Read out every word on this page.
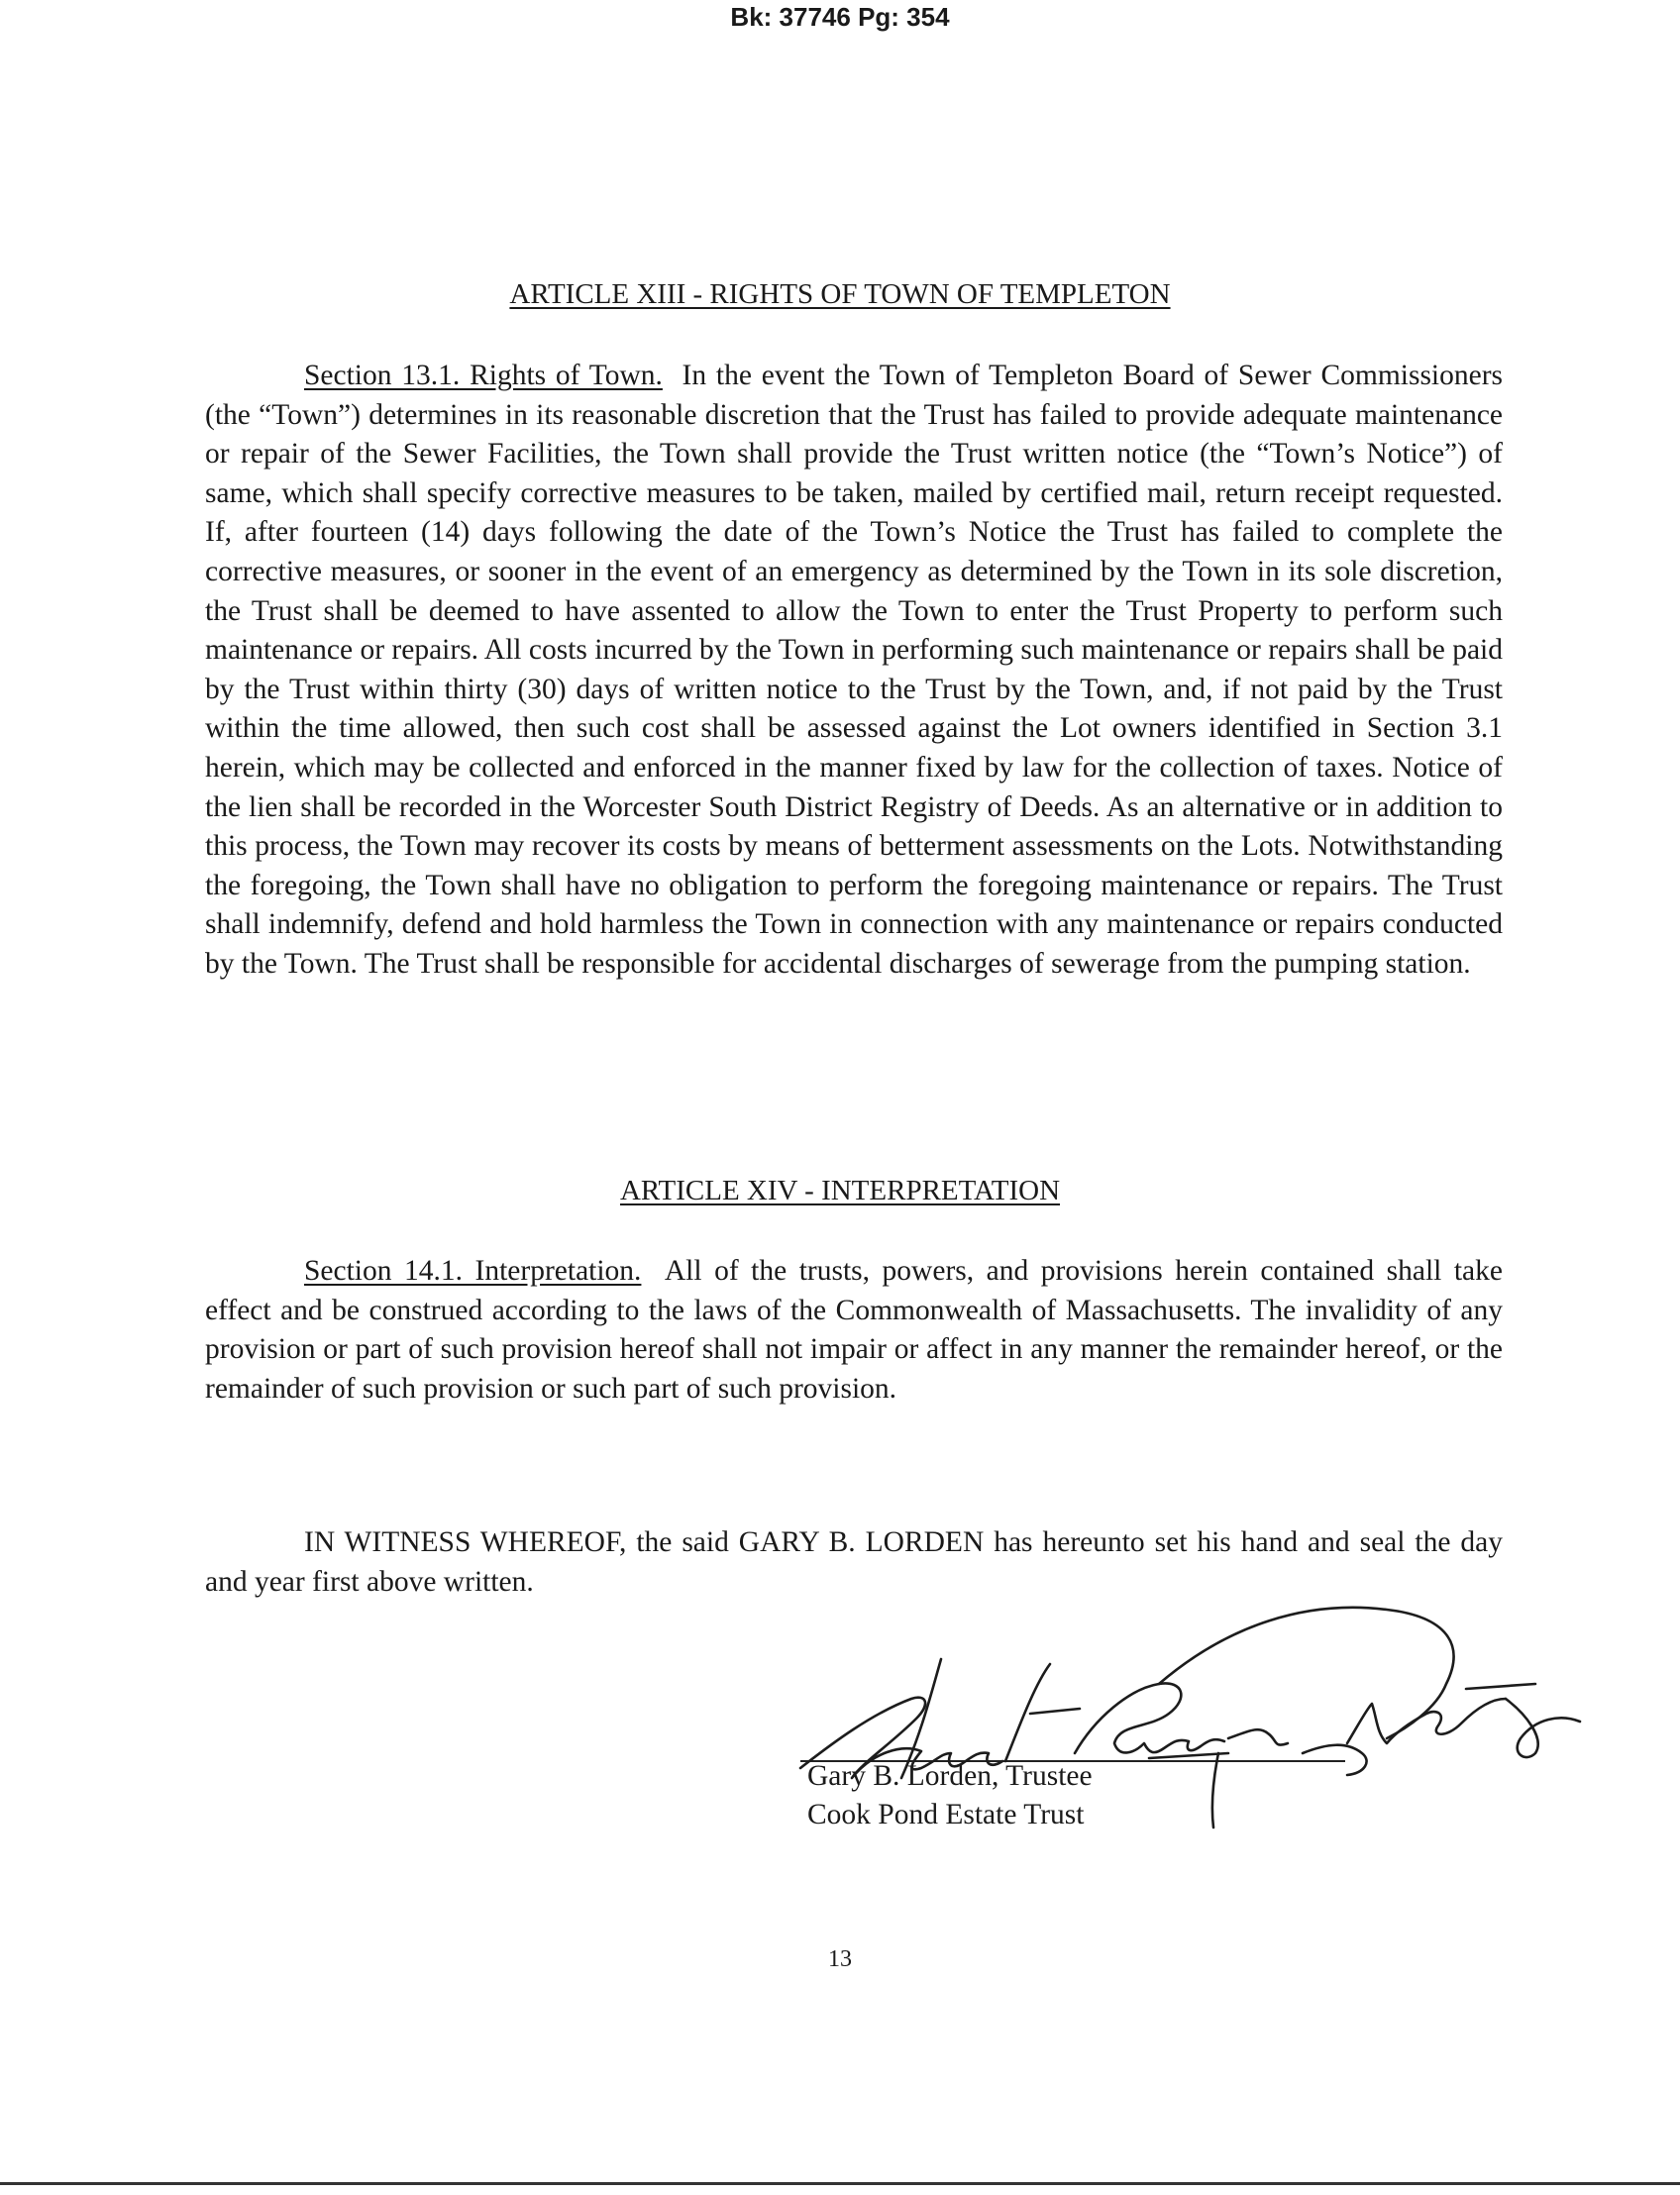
Bk: 37746 Pg: 354
ARTICLE XIII - RIGHTS OF TOWN OF TEMPLETON

Section 13.1. Rights of Town. In the event the Town of Templeton Board of Sewer Commissioners (the “Town”) determines in its reasonable discretion that the Trust has failed to provide adequate maintenance or repair of the Sewer Facilities, the Town shall provide the Trust written notice (the “Town’s Notice”) of same, which shall specify corrective measures to be taken, mailed by certified mail, return receipt requested. If, after fourteen (14) days following the date of the Town’s Notice the Trust has failed to complete the corrective measures, or sooner in the event of an emergency as determined by the Town in its sole discretion, the Trust shall be deemed to have assented to allow the Town to enter the Trust Property to perform such maintenance or repairs. All costs incurred by the Town in performing such maintenance or repairs shall be paid by the Trust within thirty (30) days of written notice to the Trust by the Town, and, if not paid by the Trust within the time allowed, then such cost shall be assessed against the Lot owners identified in Section 3.1 herein, which may be collected and enforced in the manner fixed by law for the collection of taxes. Notice of the lien shall be recorded in the Worcester South District Registry of Deeds. As an alternative or in addition to this process, the Town may recover its costs by means of betterment assessments on the Lots. Notwithstanding the foregoing, the Town shall have no obligation to perform the foregoing maintenance or repairs. The Trust shall indemnify, defend and hold harmless the Town in connection with any maintenance or repairs conducted by the Town. The Trust shall be responsible for accidental discharges of sewerage from the pumping station.

ARTICLE XIV - INTERPRETATION

Section 14.1. Interpretation. All of the trusts, powers, and provisions herein contained shall take effect and be construed according to the laws of the Commonwealth of Massachusetts. The invalidity of any provision or part of such provision hereof shall not impair or affect in any manner the remainder hereof, or the remainder of such provision or such part of such provision.

IN WITNESS WHEREOF, the said GARY B. LORDEN has hereunto set his hand and seal the day and year first above written.

Gary B. Lorden, Trustee
Cook Pond Estate Trust
13
